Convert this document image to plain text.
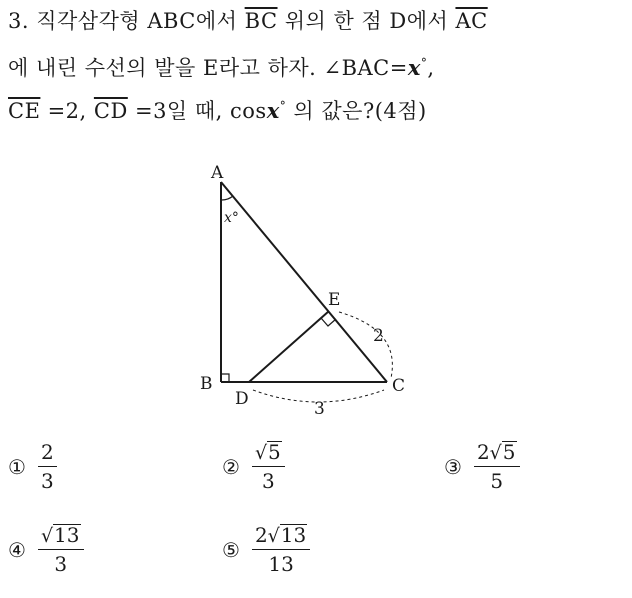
3. 직각삼각형 ABC에서 $\overline{BC}$ 위의 한 점 D에서 $\overline{AC}$
에 내린 수선의 발을 E라고 하자. ∠BAC=x°,
$\overline{CE} =2$, $\overline{CD} =3$일 때, cosx° 의 값은?(4점)
A
B	C
D
E
x°
2
3
① $\frac{2}{3}$	② $\frac{√5}{3}$	③ $\frac{2√5}{5}$
④ $\frac{√13}{3}$	⑤ $\frac{2√13}{13}$
